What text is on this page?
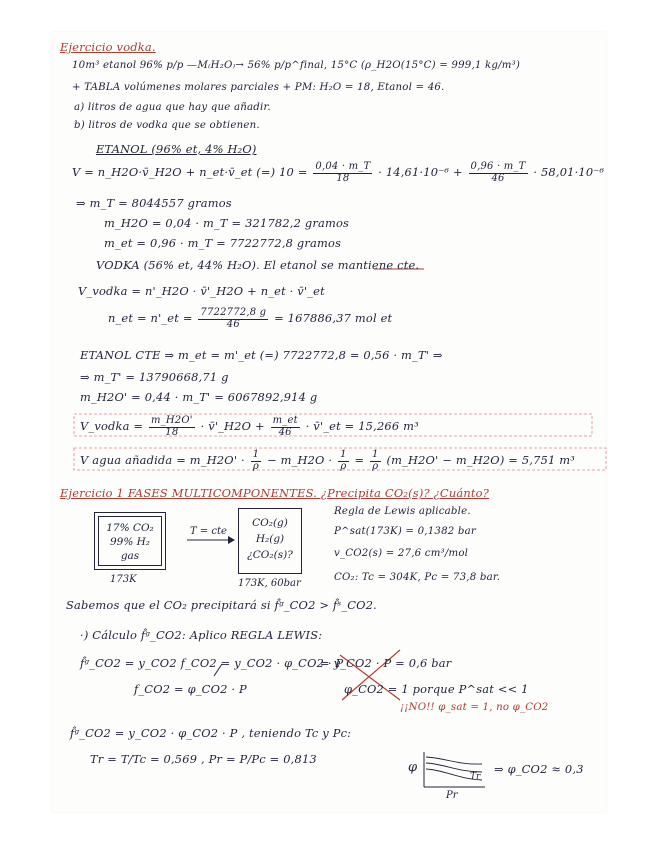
Ejercicio vodka.
10m³ etanol 96% p/p —M₍H₂O₎→ 56% p/p^final, 15°C (ρ_H2O(15°C) = 999,1 kg/m³)
+ TABLA volúmenes molares parciales + PM: H₂O = 18, Etanol = 46.
a) litros de agua que hay que añadir.
b) litros de vodka que se obtienen.
ETANOL (96% et, 4% H₂O)
V = n_H2O·v̄_H2O + n_et·v̄_et (=) $10 = \frac{0,04 \cdot m\_T}{18} \cdot 14,61\cdot 10^{-6} + \frac{0,96 \cdot m\_T}{46} \cdot 58,01\cdot 10^{-6}$
⇒ m_T = 8044557 gramos
m_H2O = 0,04 · m_T = 321782,2 gramos
m_et = 0,96 · m_T = 7722772,8 gramos
VODKA (56% et, 44% H₂O). El etanol se mantiene cte.
V_vodka = n'_H2O · v̄'_H2O + n_et · v̄'_et
n_et = n'_et = $\frac{7722772,8 g}{46} = 167886,37$ mol et
ETANOL CTE ⇒ m_et = m'_et (=) 7722772,8 = 0,56 · m_T' ⇒
⇒ m_T' = 13790668,71 g
m_H2O' = 0,44 · m_T' = 6067892,914 g
V_vodka = $\frac{m\_H2O'}{18}$ · v̄'_H2O + $\frac{m\_et}{46}$ · v̄'_et = 15,266 m³
V agua añadida = m_H2O' · $\frac{1}{\rho}$ − m_H2O · $\frac{1}{\rho} = \frac{1}{\rho}$ (m_H2O' − m_H2O) = 5,751 m³
Ejercicio 1 FASES MULTICOMPONENTES. ¿Precipita CO₂(s)? ¿Cuánto?
17% CO₂
99% H₂
gas
173K
T = cte
CO₂(g)
H₂(g)
¿CO₂(s)?
173K, 60bar
Regla de Lewis aplicable.
P^sat(173K) = 0,1382 bar
v_CO2(s) = 27,6 cm³/mol
CO₂: Tc = 304K, Pc = 73,8 bar.
Sabemos que el CO₂ precipitará si f̂ᵍ_CO2 > f̂ˢ_CO2.
·) Cálculo f̂ᵍ_CO2: Aplico REGLA LEWIS:
f̂ᵍ_CO2 = y_CO2 f_CO2 = y_CO2 · φ_CO2 · P
= y_CO2 · P = 0,6 bar
f_CO2 = φ_CO2 · P	φ_CO2 = 1 porque P^sat << 1
¡¡NO!! φ_sat = 1, no φ_CO2
f̂ᵍ_CO2 = y_CO2 · φ_CO2 · P , teniendo Tc y Pc:
Tr = T/Tc = 0,569 , Pr = P/Pc = 0,813
φ
Tr
Pr
⇒ φ_CO2 ≈ 0,3
